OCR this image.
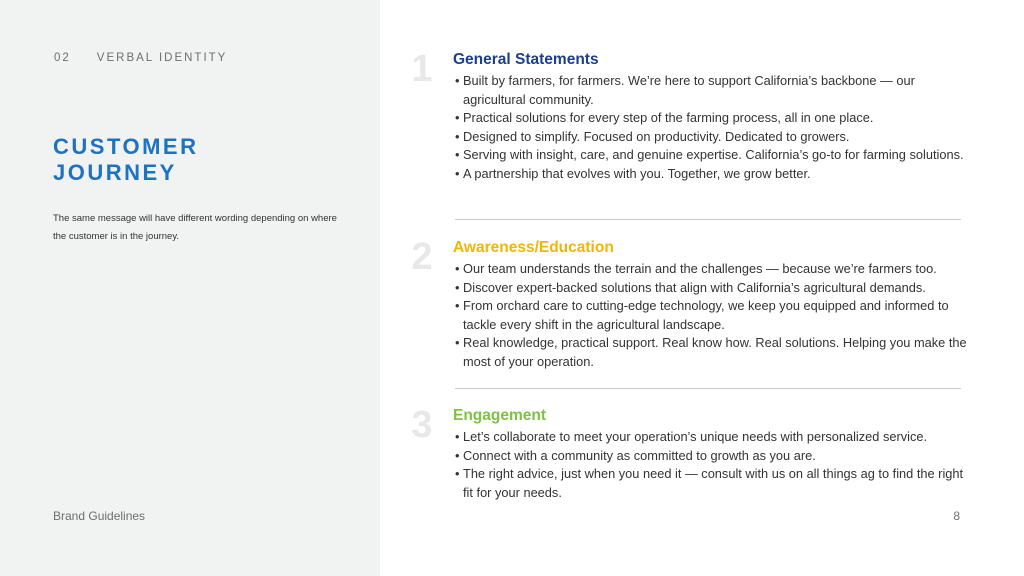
02 VERBAL IDENTITY
CUSTOMER
JOURNEY
The same message will have different wording depending on where the customer is in the journey.
Brand Guidelines
1	General Statements
• Built by farmers, for farmers. We’re here to support California’s backbone — our agricultural community.
• Practical solutions for every step of the farming process, all in one place.
• Designed to simplify. Focused on productivity. Dedicated to growers.
• Serving with insight, care, and genuine expertise. California’s go-to for farming solutions.
• A partnership that evolves with you. Together, we grow better.
2	Awareness/Education
• Our team understands the terrain and the challenges — because we’re farmers too.
• Discover expert-backed solutions that align with California’s agricultural demands.
• From orchard care to cutting-edge technology, we keep you equipped and informed to tackle every shift in the agricultural landscape.
• Real knowledge, practical support. Real know how. Real solutions. Helping you make the most of your operation.
3	Engagement
• Let’s collaborate to meet your operation’s unique needs with personalized service.
• Connect with a community as committed to growth as you are.
• The right advice, just when you need it — consult with us on all things ag to find the right fit for your needs.
8
